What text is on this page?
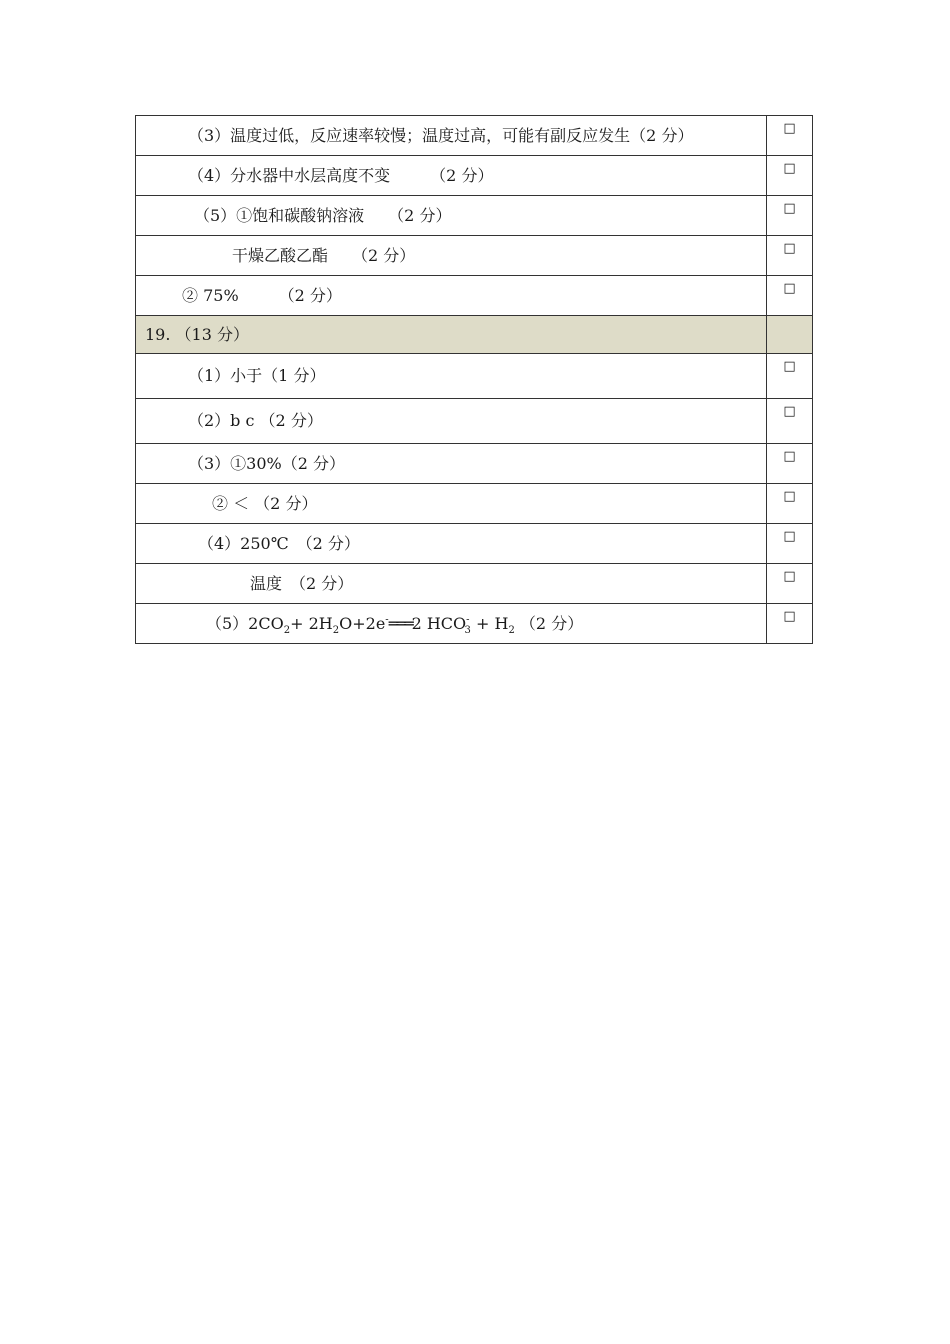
（3）温度过低，反应速率较慢；温度过高，可能有副反应发生（2 分）	□
（4）分水器中水层高度不变　　　（2 分）	□
（5）①饱和碳酸钠溶液　　（2 分）	□
干燥乙酸乙酯　　（2 分）	□
② 75%　　　（2 分）	□
19. （13 分）	
（1）小于（1 分）	□
（2）b c （2 分）	□
（3）①30%（2 分）	□
② ＜ （2 分）	□
（4）250℃　（2 分）	□
温度　（2 分）	□
$(5)2CO_2+$ $2H_2O+2e^-═══2$ $HCO^-_3 + H_2$ （2 分）	□
